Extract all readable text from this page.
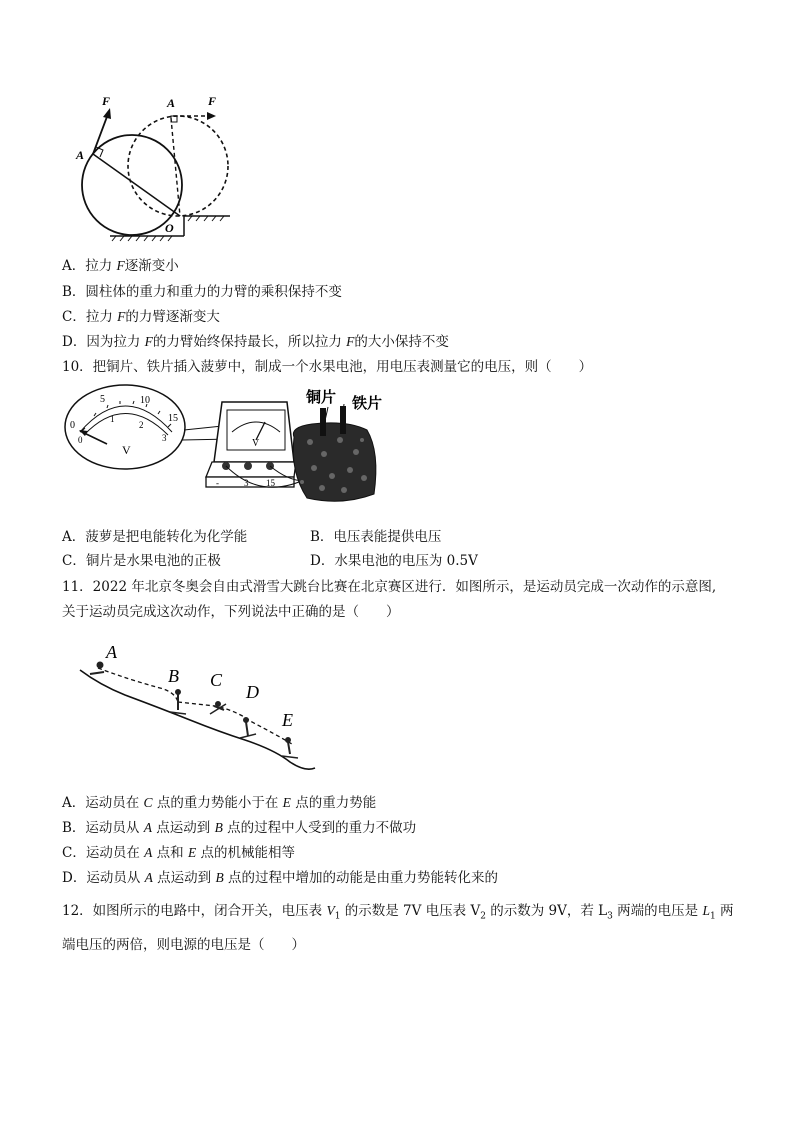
F	F
A
A
O
A．拉力 F逐渐变小
B．圆柱体的重力和重力的力臂的乘积保持不变
C．拉力 F的力臂逐渐变大
D．因为拉力 F的力臂始终保持最长，所以拉力 F的大小保持不变
10．把铜片、铁片插入菠萝中，制成一个水果电池，用电压表测量它的电压，则（　　）
0
5	10
15
0
1
2
3
V	V
-	3 15
铜片 铁片
A．菠萝是把电能转化为化学能	B．电压表能提供电压
C．铜片是水果电池的正极	D．水果电池的电压为 0.5V
11．2022 年北京冬奥会自由式滑雪大跳台比赛在北京赛区进行．如图所示，是运动员完成一次动作的示意图,
关于运动员完成这次动作，下列说法中正确的是（　　）
A
B C
D
E
A．运动员在 C 点的重力势能小于在 E 点的重力势能
B．运动员从 A 点运动到 B 点的过程中人受到的重力不做功
C．运动员在 A 点和 E 点的机械能相等
D．运动员从 A 点运动到 B 点的过程中增加的动能是由重力势能转化来的
12．如图所示的电路中，闭合开关，电压表 $V_1$ 的示数是 7V 电压表 $V_2$ 的示数为 9V，若 $L_3$ 两端的电压是 $L_1$ 两
端电压的两倍，则电源的电压是（　　）
